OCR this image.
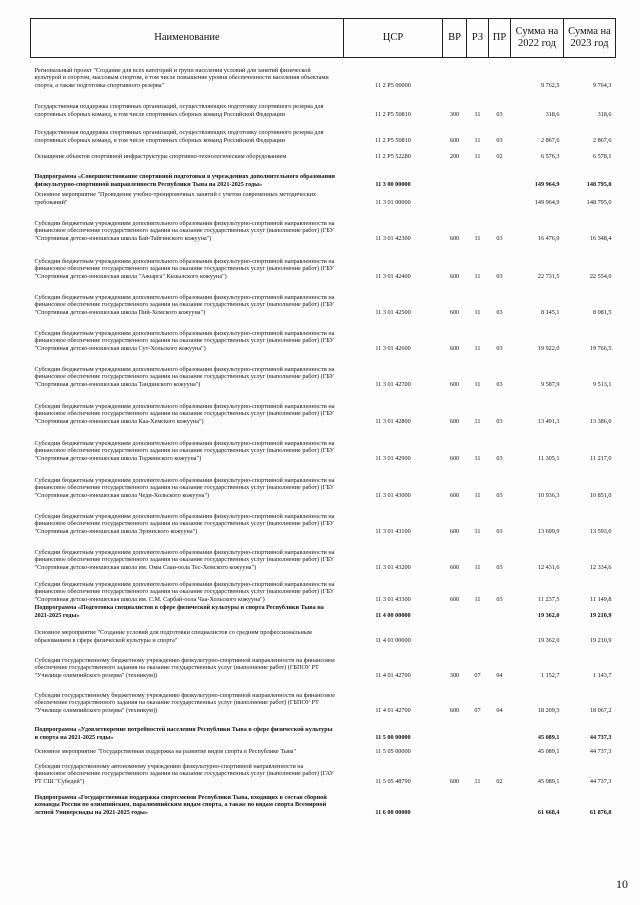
Наименование	ЦСР	ВР	РЗ	ПР	Сумма на 2022 год	Сумма на 2023 год
Региональный проект "Создание для всех категорий и групп населения условий для занятий физической культурой и спортом, массовым спортом, в том числе повышение уровня обеспеченности населения объектами спорта, а также подготовка спортивного резерва"	11 2 P5 00000				9 762,5	9 764,3
Государственная поддержка спортивных организаций, осуществляющих подготовку спортивного резерва для спортивных сборных команд, в том числе спортивных сборных команд Российской Федерации	11 2 P5 50810	300	11	03	318,6	318,6
Государственная поддержка спортивных организаций, осуществляющих подготовку спортивного резерва для спортивных сборных команд, в том числе спортивных сборных команд Российской Федерации	11 2 P5 50810	600	11	03	2 867,6	2 867,6
Оснащение объектов спортивной инфраструктуры спортивно-технологическим оборудованием	11 2 P5 52280	200	11	02	6 576,3	6 578,1
Подпрограмма «Совершенствование спортивной подготовки в учреждениях дополнительного образования физкультурно-спортивной направленности Республики Тыва на 2021-2025 годы»	11 3 00 00000				149 964,9	148 795,0
Основное мероприятие "Проведение учебно-тренировочных занятий с учетом современных методических требований"	11 3 01 00000				149 964,9	148 795,0
Субсидии бюджетным учреждениям дополнительного образования физкультурно-спортивной направленности на финансовое обеспечение государственного задания на оказание государственных услуг (выполнение работ) (ГБУ "Спортивная детско-юношеская школа Бай-Тайгинского кожууна")	11 3 01 42300	600	11	03	16 476,9	16 348,4
Субсидии бюджетным учреждениям дополнительного образования физкультурно-спортивной направленности на финансовое обеспечение государственного задания на оказание государственных услуг (выполнение работ) (ГБУ "Спортивная детско-юношеская школа "Ажырга" Кызылского кожууна")	11 3 01 42400	600	11	03	22 731,5	22 554,0
Субсидии бюджетным учреждениям дополнительного образования физкультурно-спортивной направленности на финансовое обеспечение государственного задания на оказание государственных услуг (выполнение работ) (ГБУ "Спортивная детско-юношеская школа Пий-Хемского кожууна")	11 3 01 42500	600	11	03	8 145,1	8 081,5
Субсидии бюджетным учреждениям дополнительного образования физкультурно-спортивной направленности на финансовое обеспечение государственного задания на оказание государственных услуг (выполнение работ) (ГБУ "Спортивная детско-юношеская школа Сут-Хольского кожууна")	11 3 01 42600	600	11	03	19 922,0	19 766,5
Субсидии бюджетным учреждениям дополнительного образования физкультурно-спортивной направленности на финансовое обеспечение государственного задания на оказание государственных услуг (выполнение работ) (ГБУ "Спортивная детско-юношеская школа Тандинского кожууна")	11 3 01 42700	600	11	03	9 587,9	9 513,1
Субсидии бюджетным учреждениям дополнительного образования физкультурно-спортивной направленности на финансовое обеспечение государственного задания на оказание государственных услуг (выполнение работ) (ГБУ "Спортивная детско-юношеская школа Каа-Хемского кожууна")	11 3 01 42800	600	11	03	13 491,3	13 386,0
Субсидии бюджетным учреждениям дополнительного образования физкультурно-спортивной направленности на финансовое обеспечение государственного задания на оказание государственных услуг (выполнение работ) (ГБУ "Спортивная детско-юношеская школа Тоджинского кожууна")	11 3 01 42900	600	11	03	11 305,1	11 217,0
Субсидии бюджетным учреждениям дополнительного образования физкультурно-спортивной направленности на финансовое обеспечение государственного задания на оказание государственных услуг (выполнение работ) (ГБУ "Спортивная детско-юношеская школа Чеди-Хольского кожууна")	11 3 01 43000	600	11	03	10 936,3	10 851,0
Субсидии бюджетным учреждениям дополнительного образования физкультурно-спортивной направленности на финансовое обеспечение государственного задания на оказание государственных услуг (выполнение работ) (ГБУ "Спортивная детско-юношеская школа Эрзинского кожууна")	11 3 01 43100	600	11	03	13 699,9	13 593,0
Субсидии бюджетным учреждениям дополнительного образования физкультурно-спортивной направленности на финансовое обеспечение государственного задания на оказание государственных услуг (выполнение работ) (ГБУ "Спортивная детско-юношеская школа им. Омы Сааи-оола Тес-Хемского кожууна")	11 3 01 43200	600	11	03	12 431,6	12 334,6
Субсидии бюджетным учреждениям дополнительного образования физкультурно-спортивной направленности на финансовое обеспечение государственного задания на оказание государственных услуг (выполнение работ) (ГБУ "Спортивная детско-юношеская школа им. С.М. Сарбай-оола Чаа-Хольского кожууна")	11 3 01 43300	600	11	03	11 237,5	11 149,8
Подпрограмма «Подготовка специалистов в сфере физической культуры и спорта Республики Тыва на 2021-2025 годы»	11 4 00 00000				19 362,0	19 210,9
Основное мероприятие "Создание условий для подготовки специалистов со средним профессиональным образованием в сфере физической культуры и спорта"	11 4 01 00000				19 362,0	19 210,9
Субсидии государственному бюджетному учреждению физкультурно-спортивной направленности на финансовое обеспечение государственного задания на оказание государственных услуг (выполнение работ) (ГБПОУ РТ "Училище олимпийского резерва" (техникум))	11 4 01 42700	300	07	04	1 152,7	1 143,7
Субсидии государственному бюджетному учреждению физкультурно-спортивной направленности на финансовое обеспечение государственного задания на оказание государственных услуг (выполнение работ) (ГБПОУ РТ "Училище олимпийского резерва" (техникум))	11 4 01 42700	600	07	04	18 209,3	18 067,2
Подпрограмма «Удовлетворение потребностей населения Республики Тыва в сфере физической культуры и спорта на 2021-2025 годы»	11 5 00 00000				45 089,1	44 737,3
Основное мероприятие "Государственная поддержка на развитие видов спорта в Республике Тыва"	11 5 05 00000				45 089,1	44 737,3
Субсидии государственному автономному учреждению физкультурно-спортивной направленности на финансовое обеспечение государственного задания на оказание государственных услуг (выполнение работ) (ГАУ РТ СШ "Субедей")	11 5 05 48790	600	11	02	45 089,1	44 737,3
Подпрограмма «Государственная поддержка спортсменов Республики Тыва, входящих в состав сборной команды России по олимпийским, паралимпийским видам спорта, а также по видам спорта Всемирной летней Универсиады на 2021-2025 годы»	11 6 00 00000				61 668,4	61 876,8
10
